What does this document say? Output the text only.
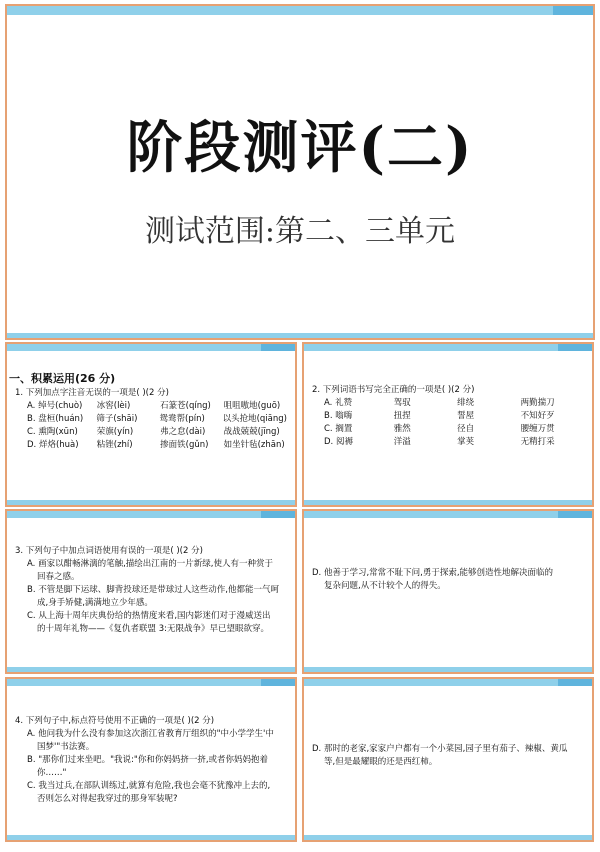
阶段测评(二)
测试范围:第二、三单元
一、积累运用(26 分)

1. 下列加点字注音无误的一项是( )(2 分)

A. 绰号(chuò)	冰窖(lèi)	石篆苍(qíng)	咀咀嗷地(guō)
B. 盘桓(huán)	筛子(shāi)	鸳鸯帮(pín)	以头抢地(qiāng)
C. 熏陶(xūn)	荣旗(yín)	弗之怠(dài)	战战兢兢(jīng)
D. 烊烙(huà)	粘锉(zhí)	掺面铁(gǔn)	如坐针毡(zhān)

2. 下列词语书写完全正确的一项是( )(2 分)

A. 礼赞	驾驭	绯绕	两勤揣刀
B. 嗡嗨	扭捏	誓屋	不知好歹
C. 搁置	雅然	径自	腰缠万贯
D. 阅褥	洋溢	掌荚	无精打采

3. 下列句子中加点词语使用有误的一项是( )(2 分)

A. 画家以酣畅淋漓的笔触,描绘出江南的一片新绿,使人有一种赏于

回春之感。

B. 不管是脚下运球、脚背投球还是带球过人这些动作,他都能一气呵

成,身手矫健,满满地立少年感。

C. 从上海十周年庆典份给的热情度来看,国内影迷们对于漫威送出

的十周年礼物——《复仇者联盟 3:无限战争》早已望眼欲穿。

D. 他善于学习,常常不耻下问,勇于探索,能够创造性地解决面临的

复杂问题,从不计较个人的得失。

4. 下列句子中,标点符号使用不正确的一项是( )(2 分)

A. 他问我为什么没有参加这次浙江省教育厅组织的"中小学学生'中

国梦'"书法赛。

B. "那你们过来坐吧。"我说:"你和你妈妈挤一挤,或者你妈妈抱着

你……"

C. 我当过兵,在部队训练过,就算有危险,我也会毫不犹豫冲上去的,

否则怎么对得起我穿过的那身军装呢?

D. 那时的老家,家家户户都有一个小菜园,园子里有茄子、辣椒、黄瓜

等,但是最耀眼的还是西红柿。
